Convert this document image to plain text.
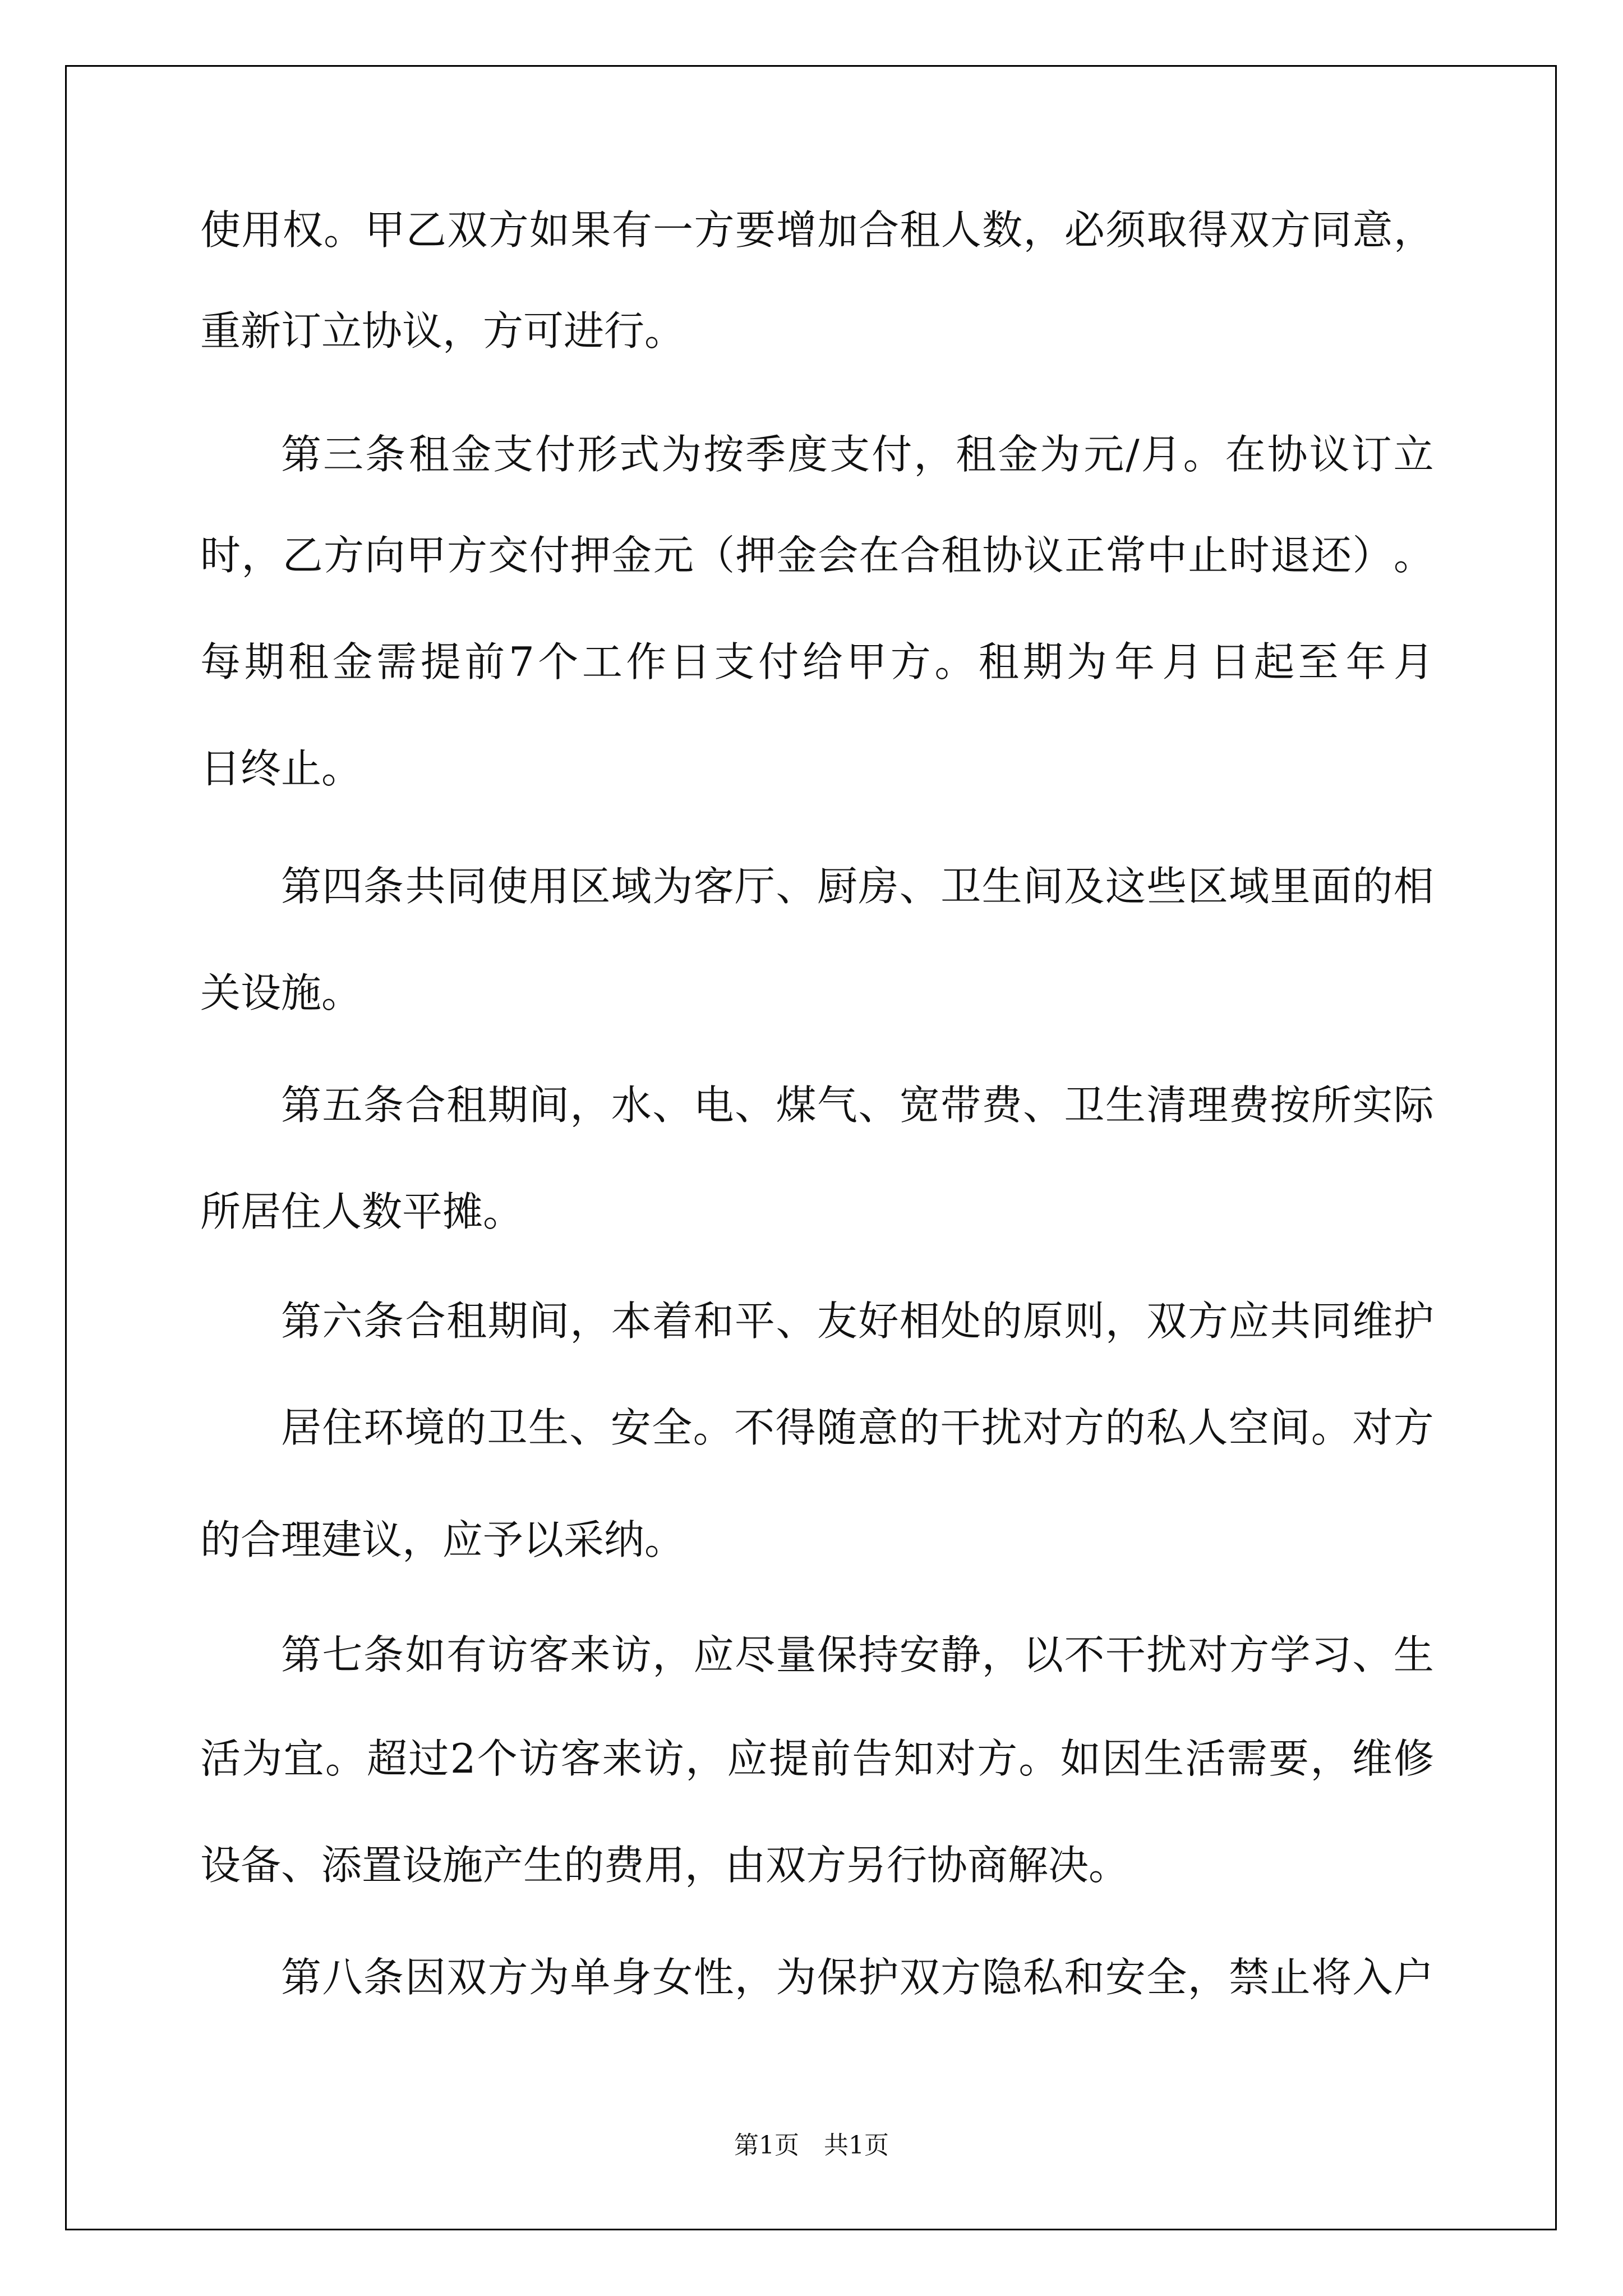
使 用 权 。 甲 乙 双 方 如 果 有 一 方 要 增 加 合 租 人 数 ， 必 须 取 得 双 方 同 意 ，
重新订立协议，方可进行。
第 三 条 租 金 支 付 形 式 为 按 季 度 支 付 ， 租 金 为 元 / 月 。 在 协 议 订 立
时 ， 乙 方 向 甲 方 交 付 押 金 元 （ 押 金 会 在 合 租 协 议 正 常 中 止 时 退 还 ） 。
每 期 租 金 需 提 前 7 个 工 作 日 支 付 给 甲 方 。 租 期 为 年 月 日 起 至 年 月
日终止。
第 四 条 共 同 使 用 区 域 为 客 厅 、 厨 房 、 卫 生 间 及 这 些 区 域 里 面 的 相
关设施。
第 五 条 合 租 期 间 ， 水 、 电 、 煤 气 、 宽 带 费 、 卫 生 清 理 费 按 所 实 际
所居住人数平摊。
第 六 条 合 租 期 间 ， 本 着 和 平 、 友 好 相 处 的 原 则 ， 双 方 应 共 同 维 护
居 住 环 境 的 卫 生 、 安 全 。 不 得 随 意 的 干 扰 对 方 的 私 人 空 间 。 对 方
的合理建议，应予以采纳。
第 七 条 如 有 访 客 来 访 ， 应 尽 量 保 持 安 静 ， 以 不 干 扰 对 方 学 习 、 生
活 为 宜 。 超 过 2 个 访 客 来 访 ， 应 提 前 告 知 对 方 。 如 因 生 活 需 要 ， 维 修
设备、添置设施产生的费用，由双方另行协商解决。
第 八 条 因 双 方 为 单 身 女 性 ， 为 保 护 双 方 隐 私 和 安 全 ， 禁 止 将 入 户
第1页　共1页
